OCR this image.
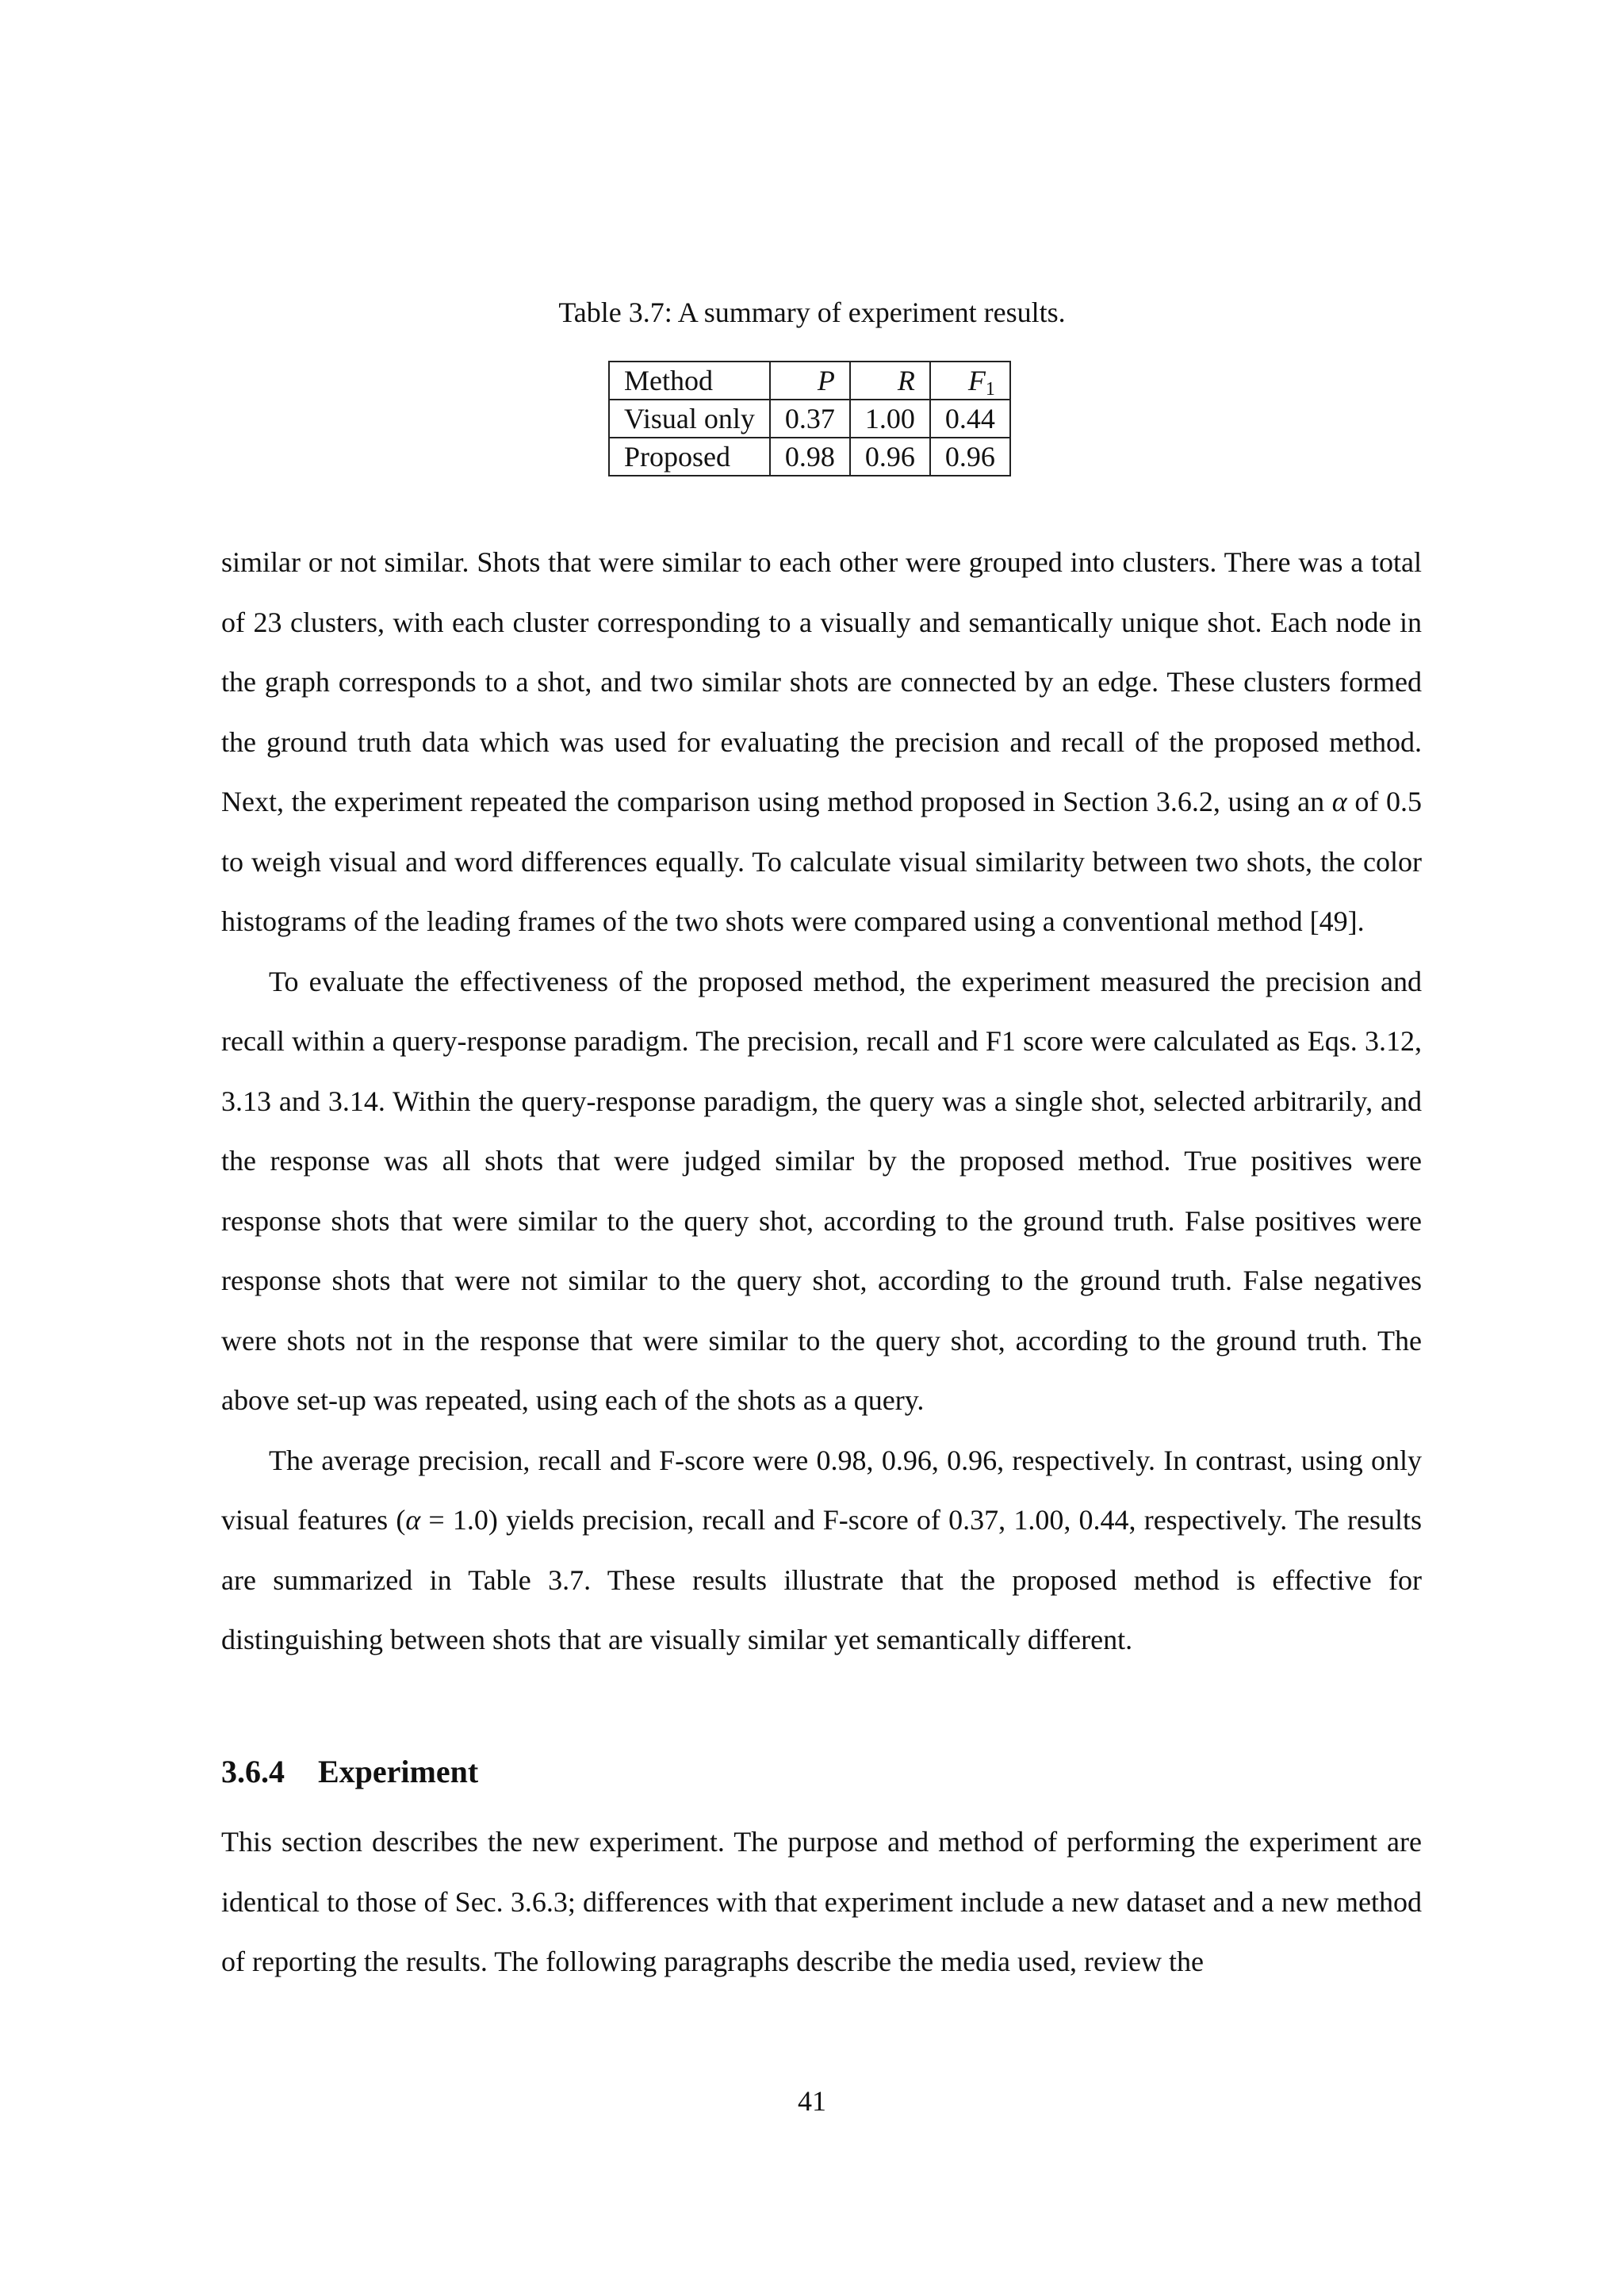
Table 3.7: A summary of experiment results.
Method	P	R	$F_1$
Visual only	0.37	1.00	0.44
Proposed	0.98	0.96	0.96

similar or not similar. Shots that were similar to each other were grouped into clusters. There was a total of 23 clusters, with each cluster corresponding to a visually and semantically unique shot. Each node in the graph corresponds to a shot, and two similar shots are connected by an edge. These clusters formed the ground truth data which was used for evaluating the precision and recall of the proposed method. Next, the experiment repeated the comparison using method proposed in Section 3.6.2, using an α of 0.5 to weigh visual and word differences equally. To calculate visual similarity between two shots, the color histograms of the leading frames of the two shots were compared using a conventional method [49].

To evaluate the effectiveness of the proposed method, the experiment measured the precision and recall within a query-response paradigm. The precision, recall and F1 score were calculated as Eqs. 3.12, 3.13 and 3.14. Within the query-response paradigm, the query was a single shot, selected arbitrarily, and the response was all shots that were judged similar by the proposed method. True positives were response shots that were similar to the query shot, according to the ground truth. False positives were response shots that were not similar to the query shot, according to the ground truth. False negatives were shots not in the response that were similar to the query shot, according to the ground truth. The above set-up was repeated, using each of the shots as a query.

The average precision, recall and F-score were 0.98, 0.96, 0.96, respectively. In contrast, using only visual features (α = 1.0) yields precision, recall and F-score of 0.37, 1.00, 0.44, respectively. The results are summarized in Table 3.7. These results illustrate that the proposed method is effective for distinguishing between shots that are visually similar yet semantically different.

3.6.4 Experiment

This section describes the new experiment. The purpose and method of performing the experiment are identical to those of Sec. 3.6.3; differences with that experiment include a new dataset and a new method of reporting the results. The following paragraphs describe the media used, review the

41
